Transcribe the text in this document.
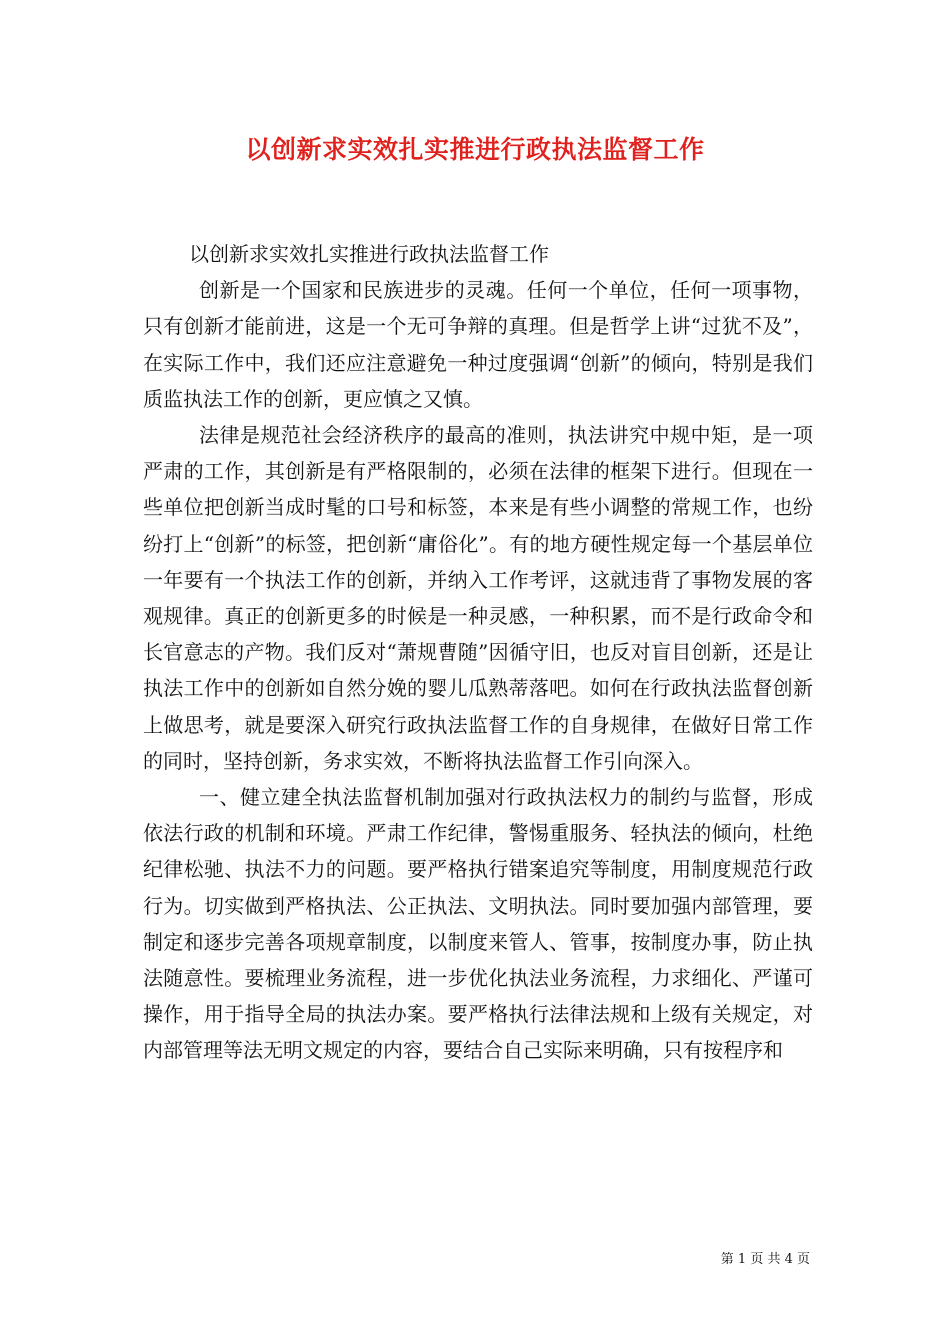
以创新求实效扎实推进行政执法监督工作

以创新求实效扎实推进行政执法监督工作

创新是一个国家和民族进步的灵魂。任何一个单位，任何一项事物，只有创新才能前进，这是一个无可争辩的真理。但是哲学上讲“过犹不及”，在实际工作中，我们还应注意避免一种过度强调“创新”的倾向，特别是我们质监执法工作的创新，更应慎之又慎。

法律是规范社会经济秩序的最高的准则，执法讲究中规中矩，是一项严肃的工作，其创新是有严格限制的，必须在法律的框架下进行。但现在一些单位把创新当成时髦的口号和标签，本来是有些小调整的常规工作，也纷纷打上“创新”的标签，把创新“庸俗化”。有的地方硬性规定每一个基层单位一年要有一个执法工作的创新，并纳入工作考评，这就违背了事物发展的客观规律。真正的创新更多的时候是一种灵感，一种积累，而不是行政命令和长官意志的产物。我们反对“萧规曹随”因循守旧，也反对盲目创新，还是让执法工作中的创新如自然分娩的婴儿瓜熟蒂落吧。如何在行政执法监督创新上做思考，就是要深入研究行政执法监督工作的自身规律，在做好日常工作的同时，坚持创新，务求实效，不断将执法监督工作引向深入。

一、健立建全执法监督机制加强对行政执法权力的制约与监督，形成依法行政的机制和环境。严肃工作纪律，警惕重服务、轻执法的倾向，杜绝纪律松驰、执法不力的问题。要严格执行错案追究等制度，用制度规范行政行为。切实做到严格执法、公正执法、文明执法。同时要加强内部管理，要制定和逐步完善各项规章制度，以制度来管人、管事，按制度办事，防止执法随意性。要梳理业务流程，进一步优化执法业务流程，力求细化、严谨可操作，用于指导全局的执法办案。要严格执行法律法规和上级有关规定，对内部管理等法无明文规定的内容，要结合自己实际来明确，只有按程序和

第 1 页 共 4 页
